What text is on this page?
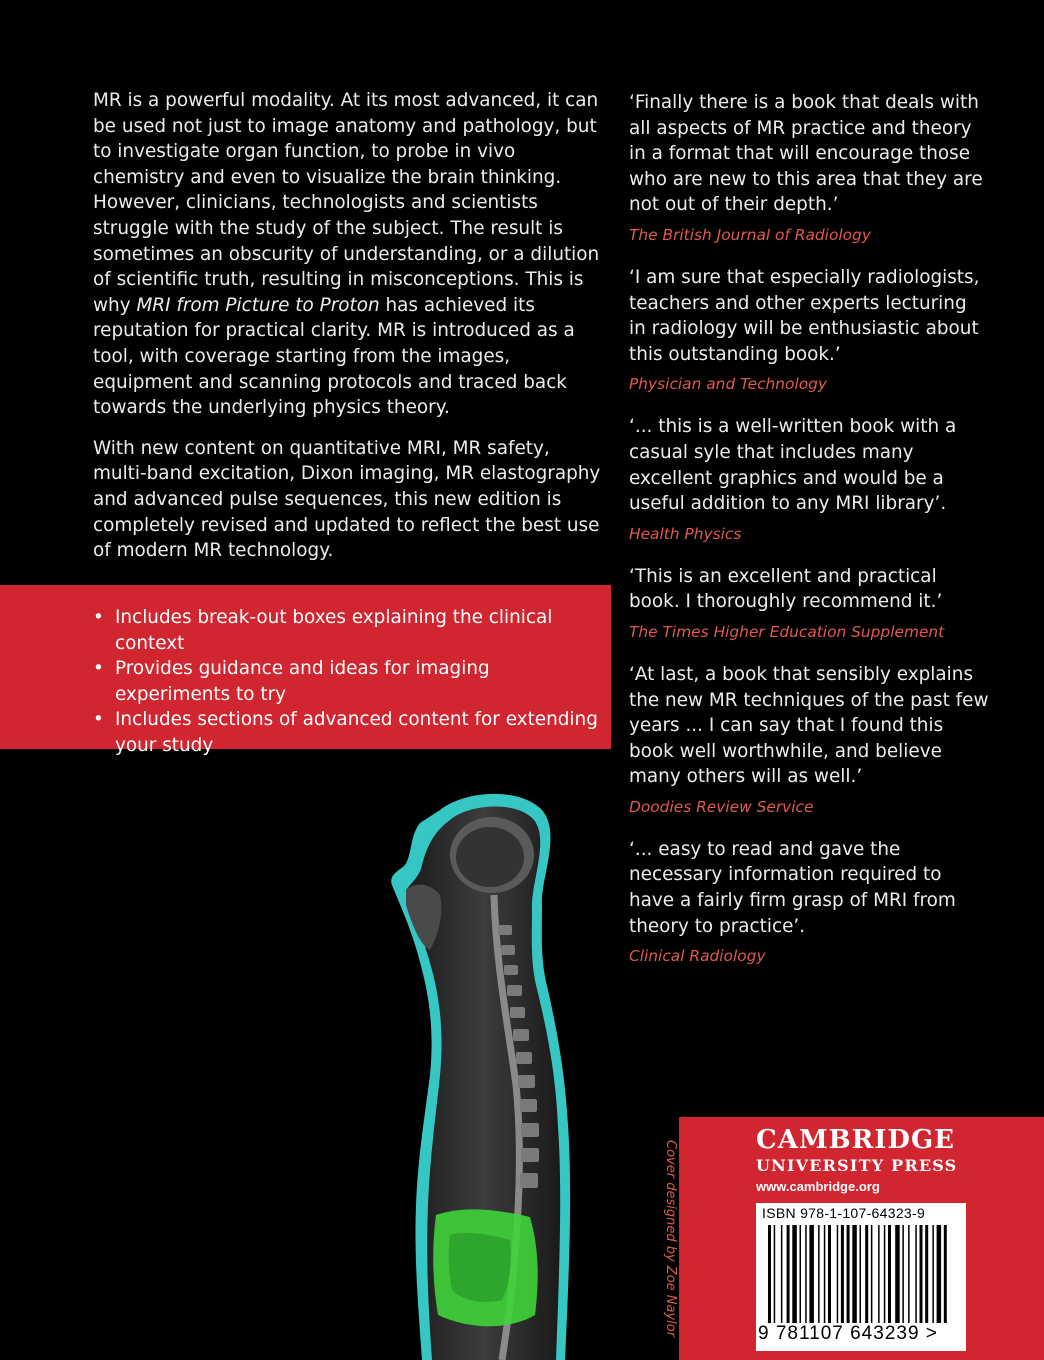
MR is a powerful modality. At its most advanced, it can be used not just to image anatomy and pathology, but to investigate organ function, to probe in vivo chemistry and even to visualize the brain thinking. However, clinicians, technologists and scientists struggle with the study of the subject. The result is sometimes an obscurity of understanding, or a dilution of scientific truth, resulting in misconceptions. This is why MRI from Picture to Proton has achieved its reputation for practical clarity. MR is introduced as a tool, with coverage starting from the images, equipment and scanning protocols and traced back towards the underlying physics theory.

With new content on quantitative MRI, MR safety, multi-band excitation, Dixon imaging, MR elastography and advanced pulse sequences, this new edition is completely revised and updated to reflect the best use of modern MR technology.

• Includes break-out boxes explaining the clinical context
• Provides guidance and ideas for imaging experiments to try
• Includes sections of advanced content for extending your study

‘Finally there is a book that deals with all aspects of MR practice and theory in a format that will encourage those who are new to this area that they are not out of their depth.’

The British Journal of Radiology

‘I am sure that especially radiologists, teachers and other experts lecturing in radiology will be enthusiastic about this outstanding book.’

Physician and Technology

‘... this is a well-written book with a casual syle that includes many excellent graphics and would be a useful addition to any MRI library’.

Health Physics

‘This is an excellent and practical book. I thoroughly recommend it.’

The Times Higher Education Supplement

‘At last, a book that sensibly explains the new MR techniques of the past few years ... I can say that I found this book well worthwhile, and believe many others will as well.’

Doodies Review Service

‘... easy to read and gave the necessary information required to have a fairly firm grasp of MRI from theory to practice’.

Clinical Radiology

Cover designed by Zoe Naylor	CAMBRIDGE
UNIVERSITY PRESS
www.cambridge.org
ISBN 978-1-107-64323-9
9 781107 643239 >
